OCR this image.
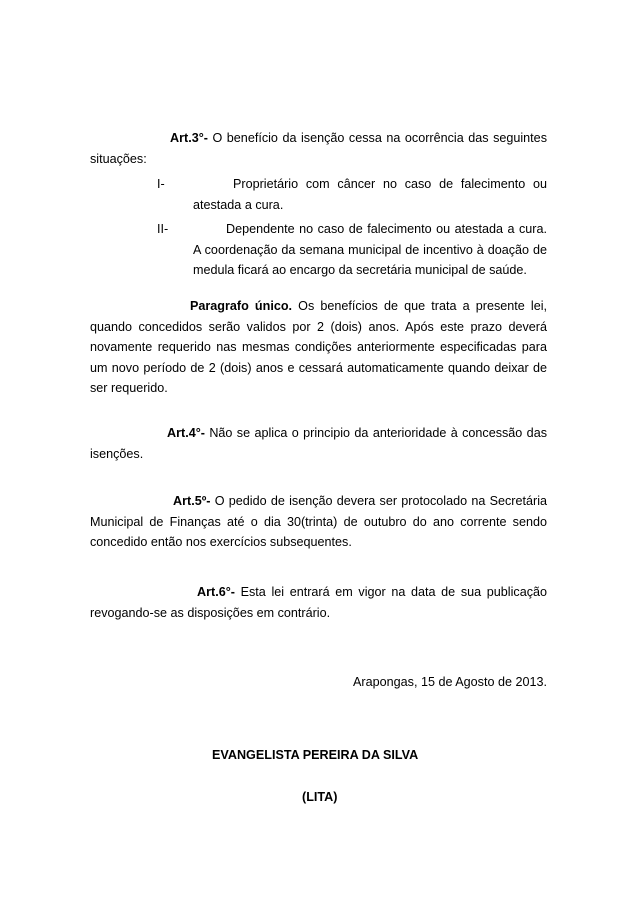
Art.3°- O benefício da isenção cessa na ocorrência das seguintes situações:

I-	Proprietário com câncer no caso de falecimento ou atestada a cura.
II-	Dependente no caso de falecimento ou atestada a cura. A coordenação da semana municipal de incentivo à doação de medula ficará ao encargo da secretária municipal de saúde.

Paragrafo único. Os benefícios de que trata a presente lei, quando concedidos serão validos por 2 (dois) anos. Após este prazo deverá novamente requerido nas mesmas condições anteriormente especificadas para um novo período de 2 (dois) anos e cessará automaticamente quando deixar de ser requerido.

Art.4°- Não se aplica o principio da anterioridade à concessão das isenções.

Art.5º- O pedido de isenção devera ser protocolado na Secretária Municipal de Finanças até o dia 30(trinta) de outubro do ano corrente sendo concedido então nos exercícios subsequentes.

Art.6°- Esta lei entrará em vigor na data de sua publicação revogando-se as disposições em contrário.

Arapongas, 15 de Agosto de 2013.
EVANGELISTA PEREIRA DA SILVA
(LITA)
